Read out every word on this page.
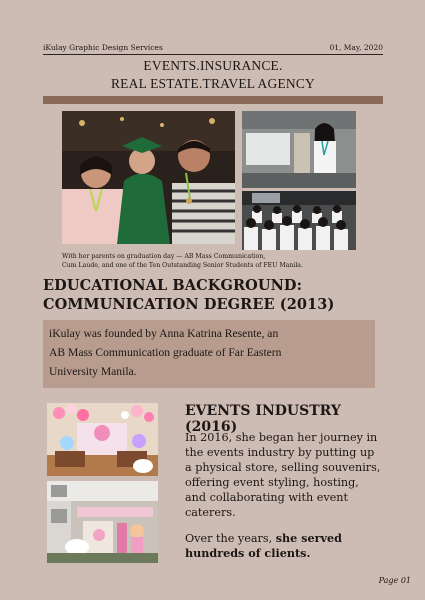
iKulay Graphic Design Services	01, May, 2020
EVENTS.INSURANCE.
REAL ESTATE.TRAVEL AGENCY
With her parents on graduation day — AB Mass Communication,
Cum Laude, and one of the Ten Outstanding Senior Students of FEU Manila.
EDUCATIONAL BACKGROUND:
COMMUNICATION DEGREE (2013)

iKulay was founded by Anna Katrina Resente, an
AB Mass Communication graduate of Far Eastern
University Manila.

EVENTS INDUSTRY (2016)

In 2016, she began her journey in
the events industry by putting up
a physical store, selling souvenirs,
offering event styling, hosting,
and collaborating with event
caterers.

Over the years, she served
hundreds of clients.

Page 01
